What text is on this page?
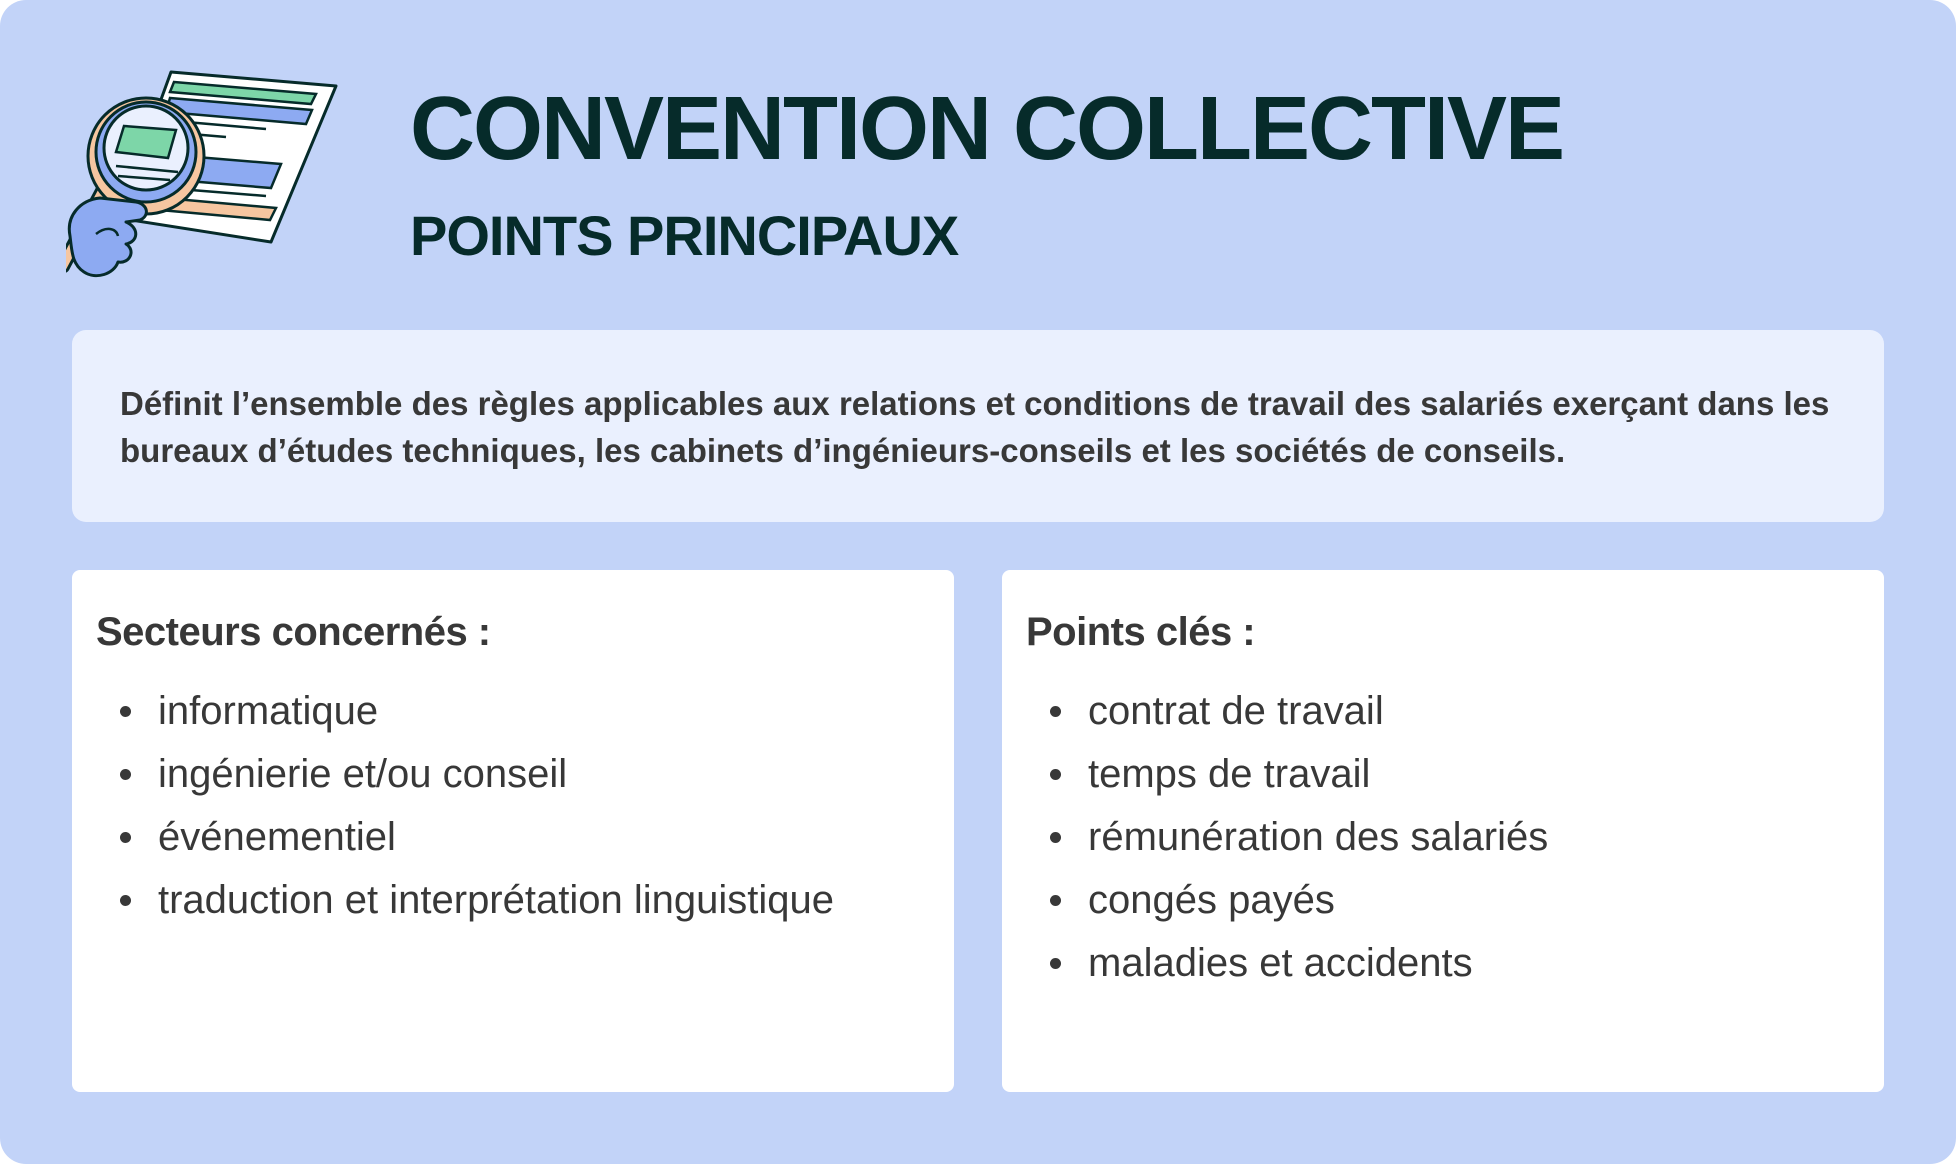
CONVENTION COLLECTIVE
POINTS PRINCIPAUX

Définit l’ensemble des règles applicables aux relations et conditions de travail des salariés exerçant dans les bureaux d’études techniques, les cabinets d’ingénieurs-conseils et les sociétés de conseils.

Secteurs concernés :
informatique
ingénierie et/ou conseil
événementiel
traduction et interprétation linguistique
Points clés :
contrat de travail
temps de travail
rémunération des salariés
congés payés
maladies et accidents
